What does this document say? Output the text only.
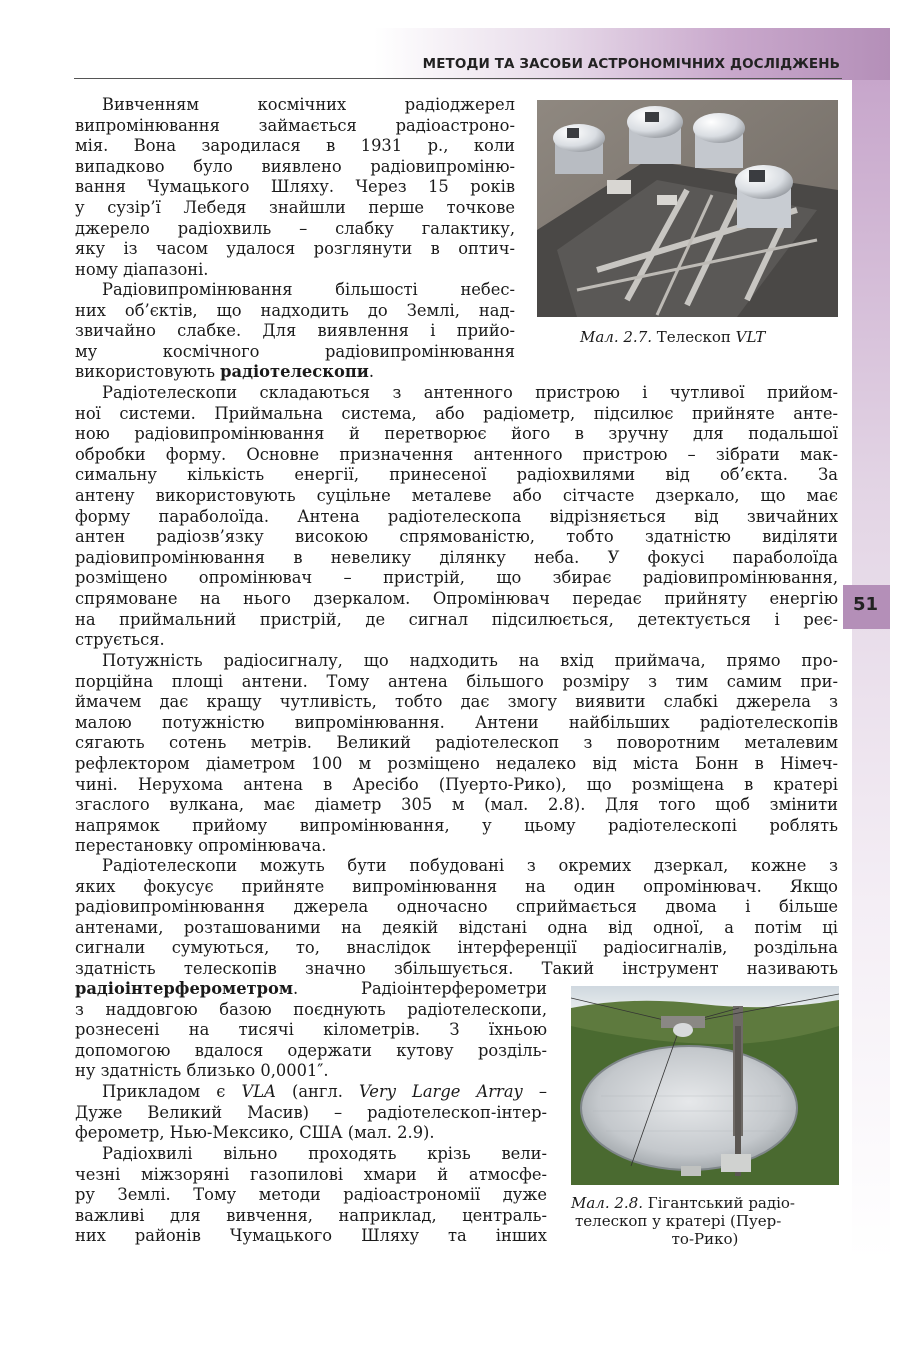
МЕТОДИ ТА ЗАСОБИ АСТРОНОМІЧНИХ ДОСЛІДЖЕНЬ
51
Мал. 2.7. Телескоп VLT
Вивченням космічних радіоджерел
випромінювання займається радіоастроно-
мія. Вона зародилася в 1931 р., коли
випадково було виявлено радіовипроміню-
вання Чумацького Шляху. Через 15 років
у сузір’ї Лебедя знайшли перше точкове
джерело радіохвиль – слабку галактику,
яку із часом удалося розглянути в оптич-
ному діапазоні.
Радіовипромінювання більшості небес-
них об’єктів, що надходить до Землі, над-
звичайно слабке. Для виявлення і прийо-
му космічного радіовипромінювання
використовують радіотелескопи.
Радіотелескопи складаються з антенного пристрою і чутливої прийом-
ної системи. Приймальна система, або радіометр, підсилює прийняте анте-
ною радіовипромінювання й перетворює його в зручну для подальшої
обробки форму. Основне призначення антенного пристрою – зібрати мак-
симальну кількість енергії, принесеної радіохвилями від об’єкта. За
антену використовують суцільне металеве або сітчасте дзеркало, що має
форму параболоїда. Антена радіотелескопа відрізняється від звичайних
антен радіозв’язку високою спрямованістю, тобто здатністю виділяти
радіовипромінювання в невелику ділянку неба. У фокусі параболоїда
розміщено опромінювач – пристрій, що збирає радіовипромінювання,
спрямоване на нього дзеркалом. Опромінювач передає прийняту енергію
на приймальний пристрій, де сигнал підсилюється, детектується і реє-
струється.
Потужність радіосигналу, що надходить на вхід приймача, прямо про-
порційна площі антени. Тому антена більшого розміру з тим самим при-
ймачем дає кращу чутливість, тобто дає змогу виявити слабкі джерела з
малою потужністю випромінювання. Антени найбільших радіотелескопів
сягають сотень метрів. Великий радіотелескоп з поворотним металевим
рефлектором діаметром 100 м розміщено недалеко від міста Бонн в Німеч-
чині. Нерухома антена в Аресібо (Пуерто-Рико), що розміщена в кратері
згаслого вулкана, має діаметр 305 м (мал. 2.8). Для того щоб змінити
напрямок прийому випромінювання, у цьому радіотелескопі роблять
перестановку опромінювача.
Радіотелескопи можуть бути побудовані з окремих дзеркал, кожне з
яких фокусує прийняте випромінювання на один опромінювач. Якщо
радіовипромінювання джерела одночасно сприймається двома і більше
антенами, розташованими на деякій відстані одна від одної, а потім ці
сигнали сумуються, то, внаслідок інтерференції радіосигналів, роздільна
здатність телескопів значно збільшується. Такий інструмент називають
радіоінтерферометром. Радіоінтерферометри
з наддовгою базою поєднують радіотелескопи,
рознесені на тисячі кілометрів. З їхньою
допомогою вдалося одержати кутову розділь-
ну здатність близько 0,0001″.
Прикладом є VLA (англ. Very Large Array –
Дуже Великий Масив) – радіотелескоп-інтер-
ферометр, Нью-Мексико, США (мал. 2.9).
Радіохвилі вільно проходять крізь вели-
чезні міжзоряні газопилові хмари й атмосфе-
ру Землі. Тому методи радіоастрономії дуже
важливі для вивчення, наприклад, централь-
них районів Чумацького Шляху та інших
Мал. 2.8. Гігантський радіо-
телескоп у кратері (Пуер-
то-Рико)
